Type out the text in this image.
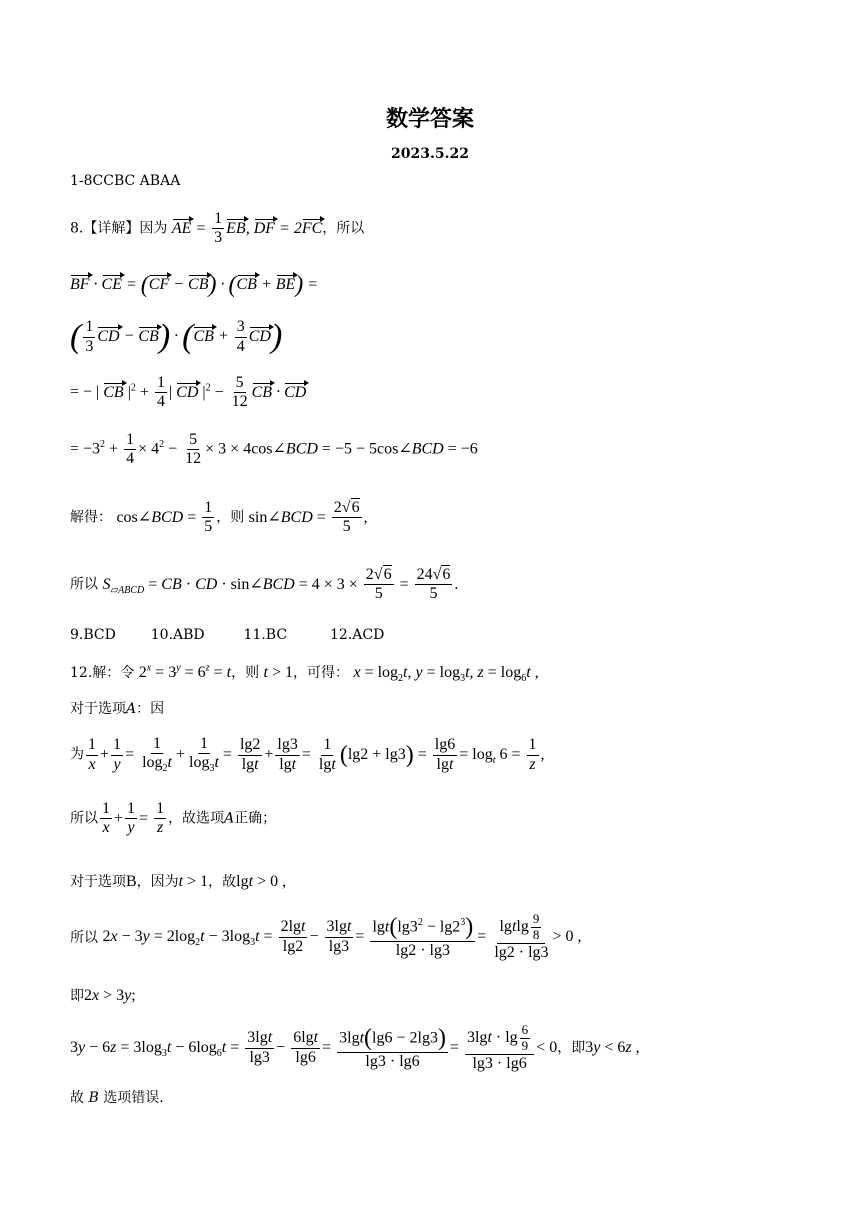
数学答案
2023.5.22
1-8CCBC ABAA
8.【详解】因为 AE = $\frac{1}{3}$ EB, DF = 2FC，所以
BF · CE = (CF − CB) · (CB + BE) =
( $\frac{1}{3}$ CD − $CB) \cdot (CB + \frac{3}{4} CD)$
= − | CB $|^2 + \frac{1}{4}$ | CD $|^2 - \frac{5}{12}$ CB · CD
= $-3^2 + \frac{1}{4} \times 4^2 - \frac{5}{12} \times 3$ × 4cos∠BCD = −5 − 5cos∠BCD = −6
解得： cos∠BCD = $\frac{1}{5}$ ，则 sin∠BCD = $\frac{2√6}{5}$ ,
所以 $S_{▱ABCD}$ = CB · CD · sin∠BCD = $4 \times 3 \times \frac{2√6}{5} = \frac{24√6}{5}$ .
9.BCD 10.ABD	11.BC	12.ACD
12.解：令 $2^x = 3^y = 6^z = t$，则 t > 1，可得： $x = \log_2t$, $y = \log_3t$, $z = \log_6t$ ,
对于选项A：因
为 $\frac{1}{x} + \frac{1}{y} = \frac{1}{\log_2t} + \frac{1}{\log_3t} = \frac{\lg 2}{\lg t} + \frac{\lg 3}{\lg t} = \frac{1}{\lg t} (\lg 2 + \lg 3) = \frac{\lg 6}{\lg t} = \log_t 6 = \frac{1}{z}$ ,
所以 $\frac{1}{x} + \frac{1}{y} = \frac{1}{z}$ ，故选项A正确；
对于选项B，因为t > 1，故lgt > 0 ,
所以 $2x - 3y = 2\log_2t - 3\log_3t = \frac{2\lg t}{\lg 2} - \frac{3\lg t}{\lg 3} = \frac{\lg t(\lg 3^2 - \lg 2^3)}{\lg 2 \cdot \lg 3} = \frac{lgtlg \frac{9}{8}}{\lg 2 \cdot \lg 3} > 0$ ,
即2x > 3y;
$3y - 6z = 3\log_3t - 6\log_6t = \frac{3\lg t}{\lg 3} - \frac{6\lg t}{\lg 6} = \frac{3\lg t(\lg 6 - 2\lg 3)}{\lg 3 \cdot \lg 6} = \frac{3\lg t \cdot \lg \frac{6}{9}}{\lg 3 \cdot \lg 6} < 0$，即3y < 6z ,
故 B 选项错误.
